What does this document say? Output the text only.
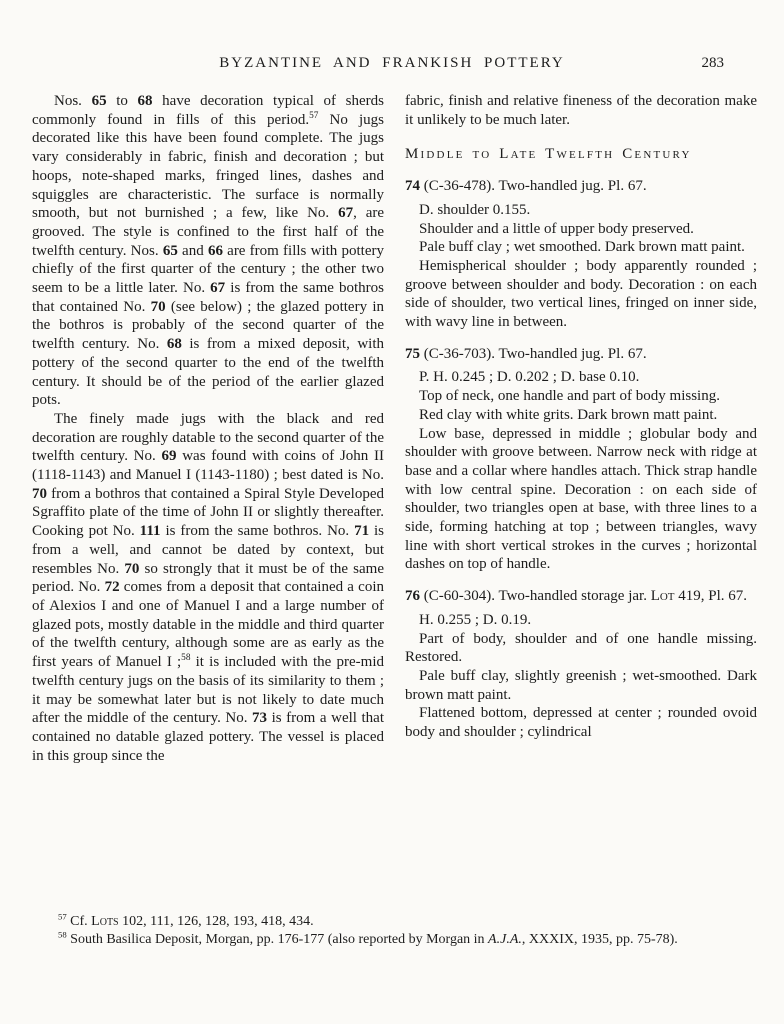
BYZANTINE AND FRANKISH POTTERY	283

Nos. 65 to 68 have decoration typical of sherds commonly found in fills of this period.$^{57}$ No jugs decorated like this have been found complete. The jugs vary considerably in fabric, finish and decoration ; but hoops, note-shaped marks, fringed lines, dashes and squiggles are characteristic. The surface is normally smooth, but not burnished ; a few, like No. 67, are grooved. The style is confined to the first half of the twelfth century. Nos. 65 and 66 are from fills with pottery chiefly of the first quarter of the century ; the other two seem to be a little later. No. 67 is from the same bothros that contained No. 70 (see below) ; the glazed pottery in the bothros is probably of the second quarter of the twelfth century. No. 68 is from a mixed deposit, with pottery of the second quarter to the end of the twelfth century. It should be of the period of the earlier glazed pots.

The finely made jugs with the black and red decoration are roughly datable to the second quarter of the twelfth century. No. 69 was found with coins of John II (1118-1143) and Manuel I (1143-1180) ; best dated is No. 70 from a bothros that contained a Spiral Style Developed Sgraffito plate of the time of John II or slightly thereafter. Cooking pot No. 111 is from the same bothros. No. 71 is from a well, and cannot be dated by context, but resembles No. 70 so strongly that it must be of the same period. No. 72 comes from a deposit that contained a coin of Alexios I and one of Manuel I and a large number of glazed pots, mostly datable in the middle and third quarter of the twelfth century, although some are as early as the first years of Manuel I ;$^{58}$ it is included with the pre-mid twelfth century jugs on the basis of its similarity to them ; it may be somewhat later but is not likely to date much after the middle of the century. No. 73 is from a well that contained no datable glazed pottery. The vessel is placed in this group since the

fabric, finish and relative fineness of the decoration make it unlikely to be much later.

Middle to Late Twelfth Century

74 (C-36-478). Two-handled jug. Pl. 67.

D. shoulder 0.155.

Shoulder and a little of upper body preserved.

Pale buff clay ; wet smoothed. Dark brown matt paint.

Hemispherical shoulder ; body apparently rounded ; groove between shoulder and body. Decoration : on each side of shoulder, two vertical lines, fringed on inner side, with wavy line in between.

75 (C-36-703). Two-handled jug. Pl. 67.

P. H. 0.245 ; D. 0.202 ; D. base 0.10.

Top of neck, one handle and part of body missing.

Red clay with white grits. Dark brown matt paint.

Low base, depressed in middle ; globular body and shoulder with groove between. Narrow neck with ridge at base and a collar where handles attach. Thick strap handle with low central spine. Decoration : on each side of shoulder, two triangles open at base, with three lines to a side, forming hatching at top ; between triangles, wavy line with short vertical strokes in the curves ; horizontal dashes on top of handle.

76 (C-60-304). Two-handled storage jar. Lot 419, Pl. 67.

H. 0.255 ; D. 0.19.

Part of body, shoulder and of one handle missing. Restored.

Pale buff clay, slightly greenish ; wet-smoothed. Dark brown matt paint.

Flattened bottom, depressed at center ; rounded ovoid body and shoulder ; cylindrical

$^{57}$ Cf. Lots 102, 111, 126, 128, 193, 418, 434.

$^{58}$ South Basilica Deposit, Morgan, pp. 176-177 (also reported by Morgan in A.J.A., XXXIX, 1935, pp. 75-78).
